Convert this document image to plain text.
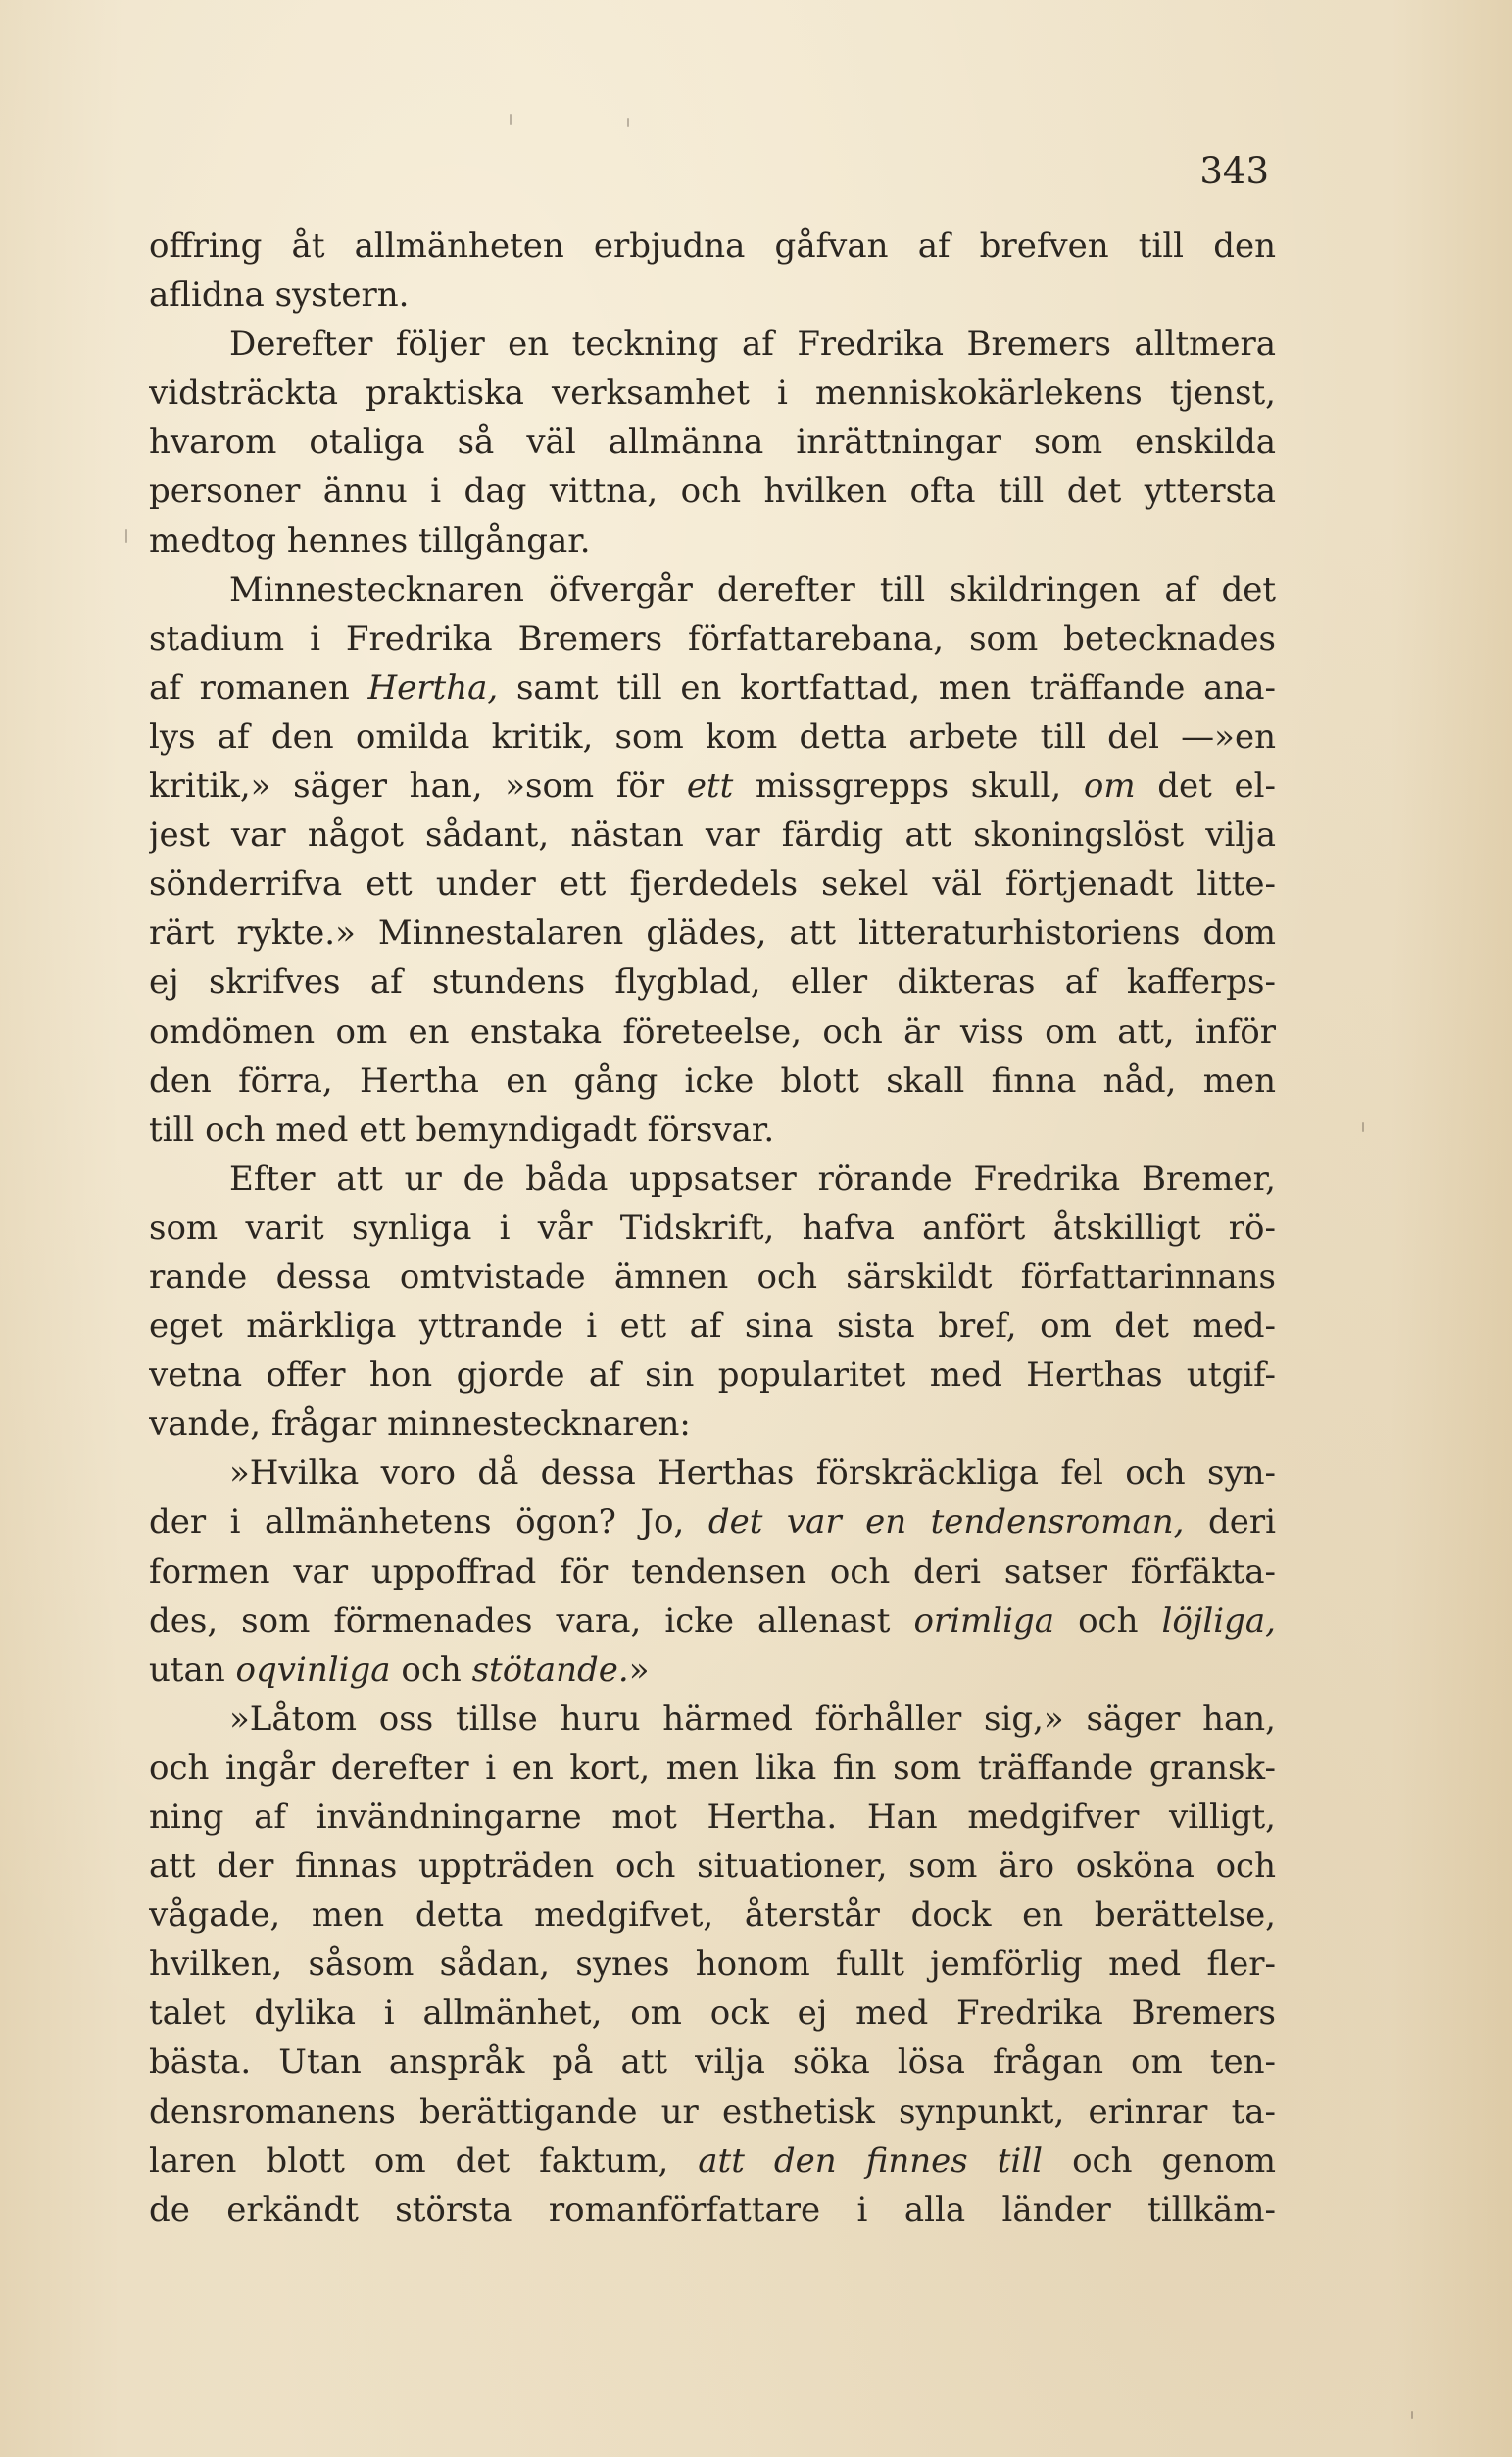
343
offring åt allmänheten erbjudna gåfvan af brefven till den
aflidna systern.
Derefter följer en teckning af Fredrika Bremers alltmera
vidsträckta praktiska verksamhet i menniskokärlekens tjenst,
hvarom otaliga så väl allmänna inrättningar som enskilda
personer ännu i dag vittna, och hvilken ofta till det yttersta
medtog hennes tillgångar.
Minnestecknaren öfvergår derefter till skildringen af det
stadium i Fredrika Bremers författarebana, som betecknades
af romanen Hertha, samt till en kortfattad, men träffande ana-
lys af den omilda kritik, som kom detta arbete till del —»en
kritik,» säger han, »som för ett missgrepps skull, om det el-
jest var något sådant, nästan var färdig att skoningslöst vilja
sönderrifva ett under ett fjerdedels sekel väl förtjenadt litte-
rärt rykte.» Minnestalaren glädes, att litteraturhistoriens dom
ej skrifves af stundens flygblad, eller dikteras af kafferps-
omdömen om en enstaka företeelse, och är viss om att, inför
den förra, Hertha en gång icke blott skall finna nåd, men
till och med ett bemyndigadt försvar.
Efter att ur de båda uppsatser rörande Fredrika Bremer,
som varit synliga i vår Tidskrift, hafva anfört åtskilligt rö-
rande dessa omtvistade ämnen och särskildt författarinnans
eget märkliga yttrande i ett af sina sista bref, om det med-
vetna offer hon gjorde af sin popularitet med Herthas utgif-
vande, frågar minnestecknaren:
»Hvilka voro då dessa Herthas förskräckliga fel och syn-
der i allmänhetens ögon? Jo, det var en tendensroman, deri
formen var uppoffrad för tendensen och deri satser förfäkta-
des, som förmenades vara, icke allenast orimliga och löjliga,
utan oqvinliga och stötande.»
»Låtom oss tillse huru härmed förhåller sig,» säger han,
och ingår derefter i en kort, men lika fin som träffande gransk-
ning af invändningarne mot Hertha. Han medgifver villigt,
att der finnas uppträden och situationer, som äro osköna och
vågade, men detta medgifvet, återstår dock en berättelse,
hvilken, såsom sådan, synes honom fullt jemförlig med fler-
talet dylika i allmänhet, om ock ej med Fredrika Bremers
bästa. Utan anspråk på att vilja söka lösa frågan om ten-
densromanens berättigande ur esthetisk synpunkt, erinrar ta-
laren blott om det faktum, att den finnes till och genom
de erkändt största romanförfattare i alla länder tillkäm-
